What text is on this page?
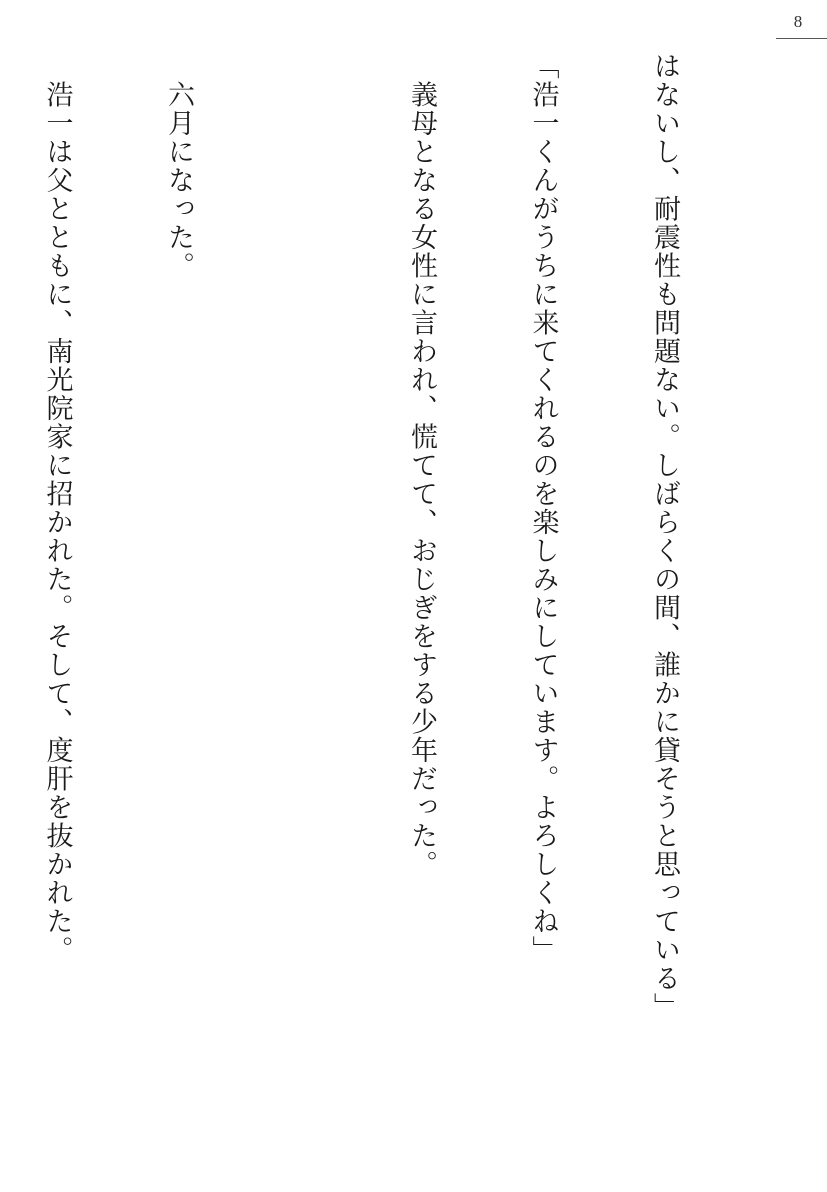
8

はないし、耐震性も問題ない。しばらくの間、誰かに貸そうと思っている」

「浩一くんがうちに来てくれるのを楽しみにしています。よろしくね」

　義母となる女性に言われ、慌てて、おじぎをする少年だった。

　六月になった。

　浩一は父とともに、南光院家に招かれた。そして、度肝を抜かれた。
